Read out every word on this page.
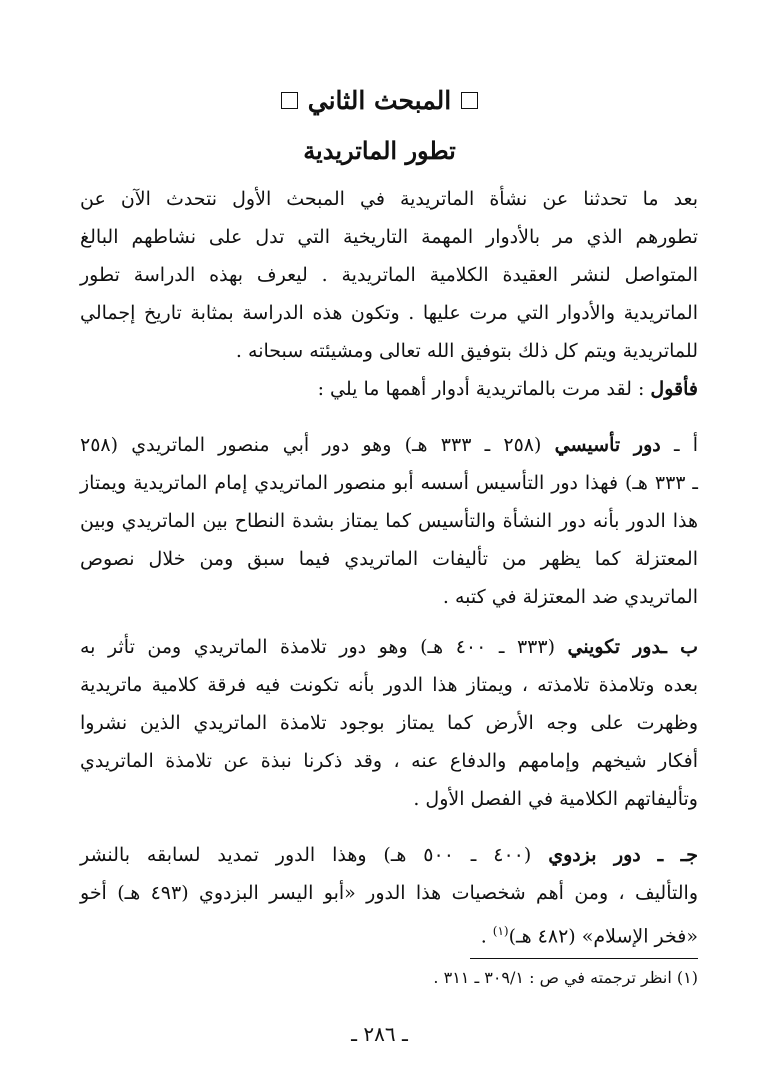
المبحث الثاني
تطور الماتريدية

بعد ما تحدثنا عن نشأة الماتريدية في المبحث الأول نتحدث الآن عن
تطورهم الذي مر بالأدوار المهمة التاريخية التي تدل على نشاطهم البالغ
المتواصل لنشر العقيدة الكلامية الماتريدية . ليعرف بهذه الدراسة تطور
الماتريدية والأدوار التي مرت عليها . وتكون هذه الدراسة بمثابة تاريخ إجمالي
للماتريدية ويتم كل ذلك بتوفيق الله تعالى ومشيئته سبحانه .

فأقول : لقد مرت بالماتريدية أدوار أهمها ما يلي :

أ ـ دور تأسيسي (٢٥٨ ـ ٣٣٣ هـ) وهو دور أبي منصور الماتريدي (٢٥٨
ـ ٣٣٣ هـ) فهذا دور التأسيس أسسه أبو منصور الماتريدي إمام الماتريدية ويمتاز
هذا الدور بأنه دور النشأة والتأسيس كما يمتاز بشدة النطاح بين الماتريدي وبين
المعتزلة كما يظهر من تأليفات الماتريدي فيما سبق ومن خلال نصوص
الماتريدي ضد المعتزلة في كتبه .
ب ـدور تكويني (٣٣٣ ـ ٤٠٠ هـ) وهو دور تلامذة الماتريدي ومن تأثر به
بعده وتلامذة تلامذته ، ويمتاز هذا الدور بأنه تكونت فيه فرقة كلامية ماتريدية
وظهرت على وجه الأرض كما يمتاز بوجود تلامذة الماتريدي الذين نشروا
أفكار شيخهم وإمامهم والدفاع عنه ، وقد ذكرنا نبذة عن تلامذة الماتريدي
وتأليفاتهم الكلامية في الفصل الأول .
جـ ـ دور بزدوي (٤٠٠ ـ ٥٠٠ هـ) وهذا الدور تمديد لسابقه بالنشر
والتأليف ، ومن أهم شخصيات هذا الدور «أبو اليسر البزدوي (٤٩٣ هـ) أخو
«فخر الإسلام» (٤٨٢ هـ)$^{(١)}$ .
(١) انظر ترجمته في ص : ٣٠٩/١ ـ ٣١١ .
ـ ٢٨٦ ـ
